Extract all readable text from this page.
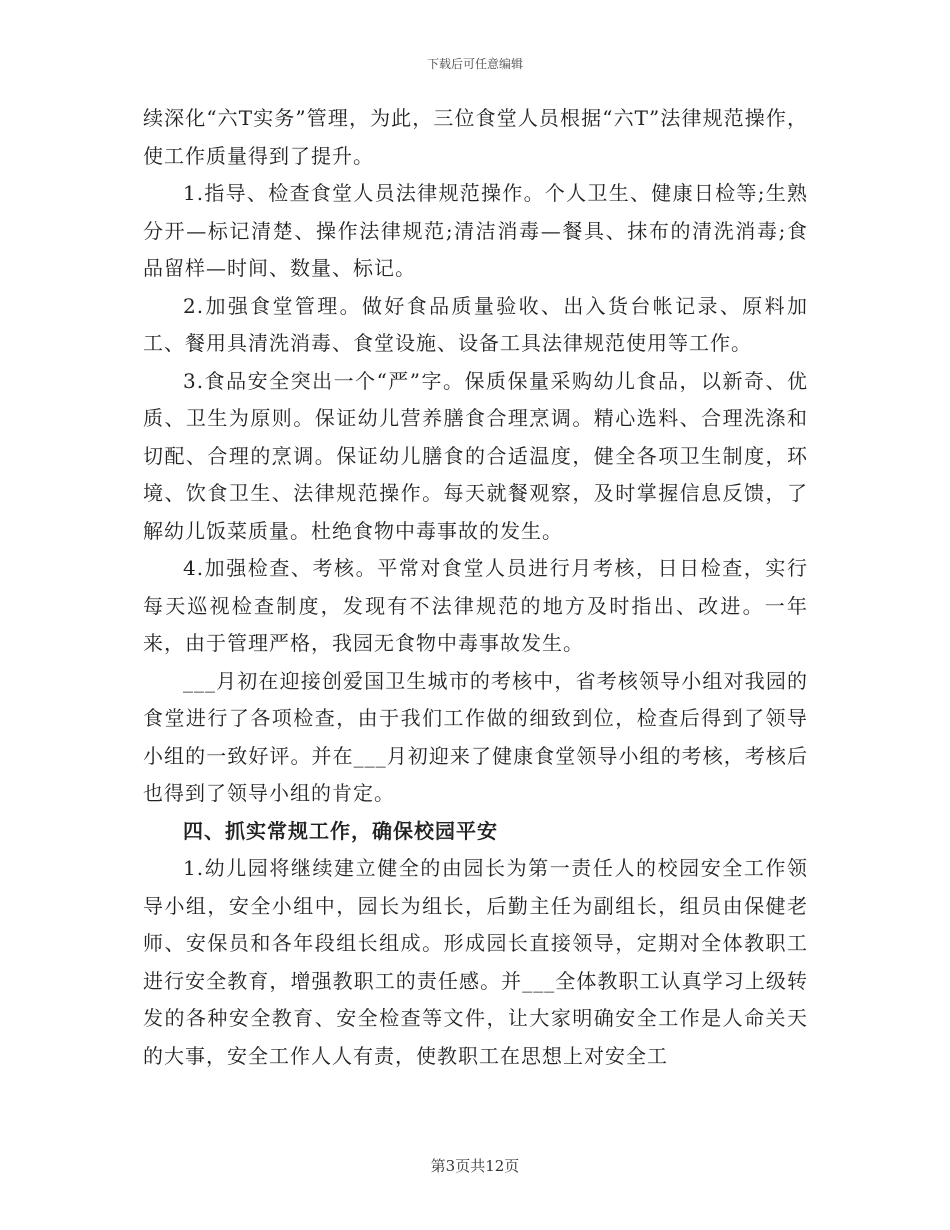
下载后可任意编辑

续深化“六T实务”管理，为此，三位食堂人员根据“六T”法律规范操作，使工作质量得到了提升。

1.指导、检查食堂人员法律规范操作。个人卫生、健康日检等;生熟分开—标记清楚、操作法律规范;清洁消毒—餐具、抹布的清洗消毒;食品留样—时间、数量、标记。

2.加强食堂管理。做好食品质量验收、出入货台帐记录、原料加工、餐用具清洗消毒、食堂设施、设备工具法律规范使用等工作。

3.食品安全突出一个“严”字。保质保量采购幼儿食品，以新奇、优质、卫生为原则。保证幼儿营养膳食合理烹调。精心选料、合理洗涤和切配、合理的烹调。保证幼儿膳食的合适温度，健全各项卫生制度，环境、饮食卫生、法律规范操作。每天就餐观察，及时掌握信息反馈，了解幼儿饭菜质量。杜绝食物中毒事故的发生。

4.加强检查、考核。平常对食堂人员进行月考核，日日检查，实行每天巡视检查制度，发现有不法律规范的地方及时指出、改进。一年来，由于管理严格，我园无食物中毒事故发生。

___月初在迎接创爱国卫生城市的考核中，省考核领导小组对我园的食堂进行了各项检查，由于我们工作做的细致到位，检查后得到了领导小组的一致好评。并在___月初迎来了健康食堂领导小组的考核，考核后也得到了领导小组的肯定。

四、抓实常规工作，确保校园平安

1.幼儿园将继续建立健全的由园长为第一责任人的校园安全工作领导小组，安全小组中，园长为组长，后勤主任为副组长，组员由保健老师、安保员和各年段组长组成。形成园长直接领导，定期对全体教职工进行安全教育，增强教职工的责任感。并___全体教职工认真学习上级转发的各种安全教育、安全检查等文件，让大家明确安全工作是人命关天的大事，安全工作人人有责，使教职工在思想上对安全工

第3页共12页
